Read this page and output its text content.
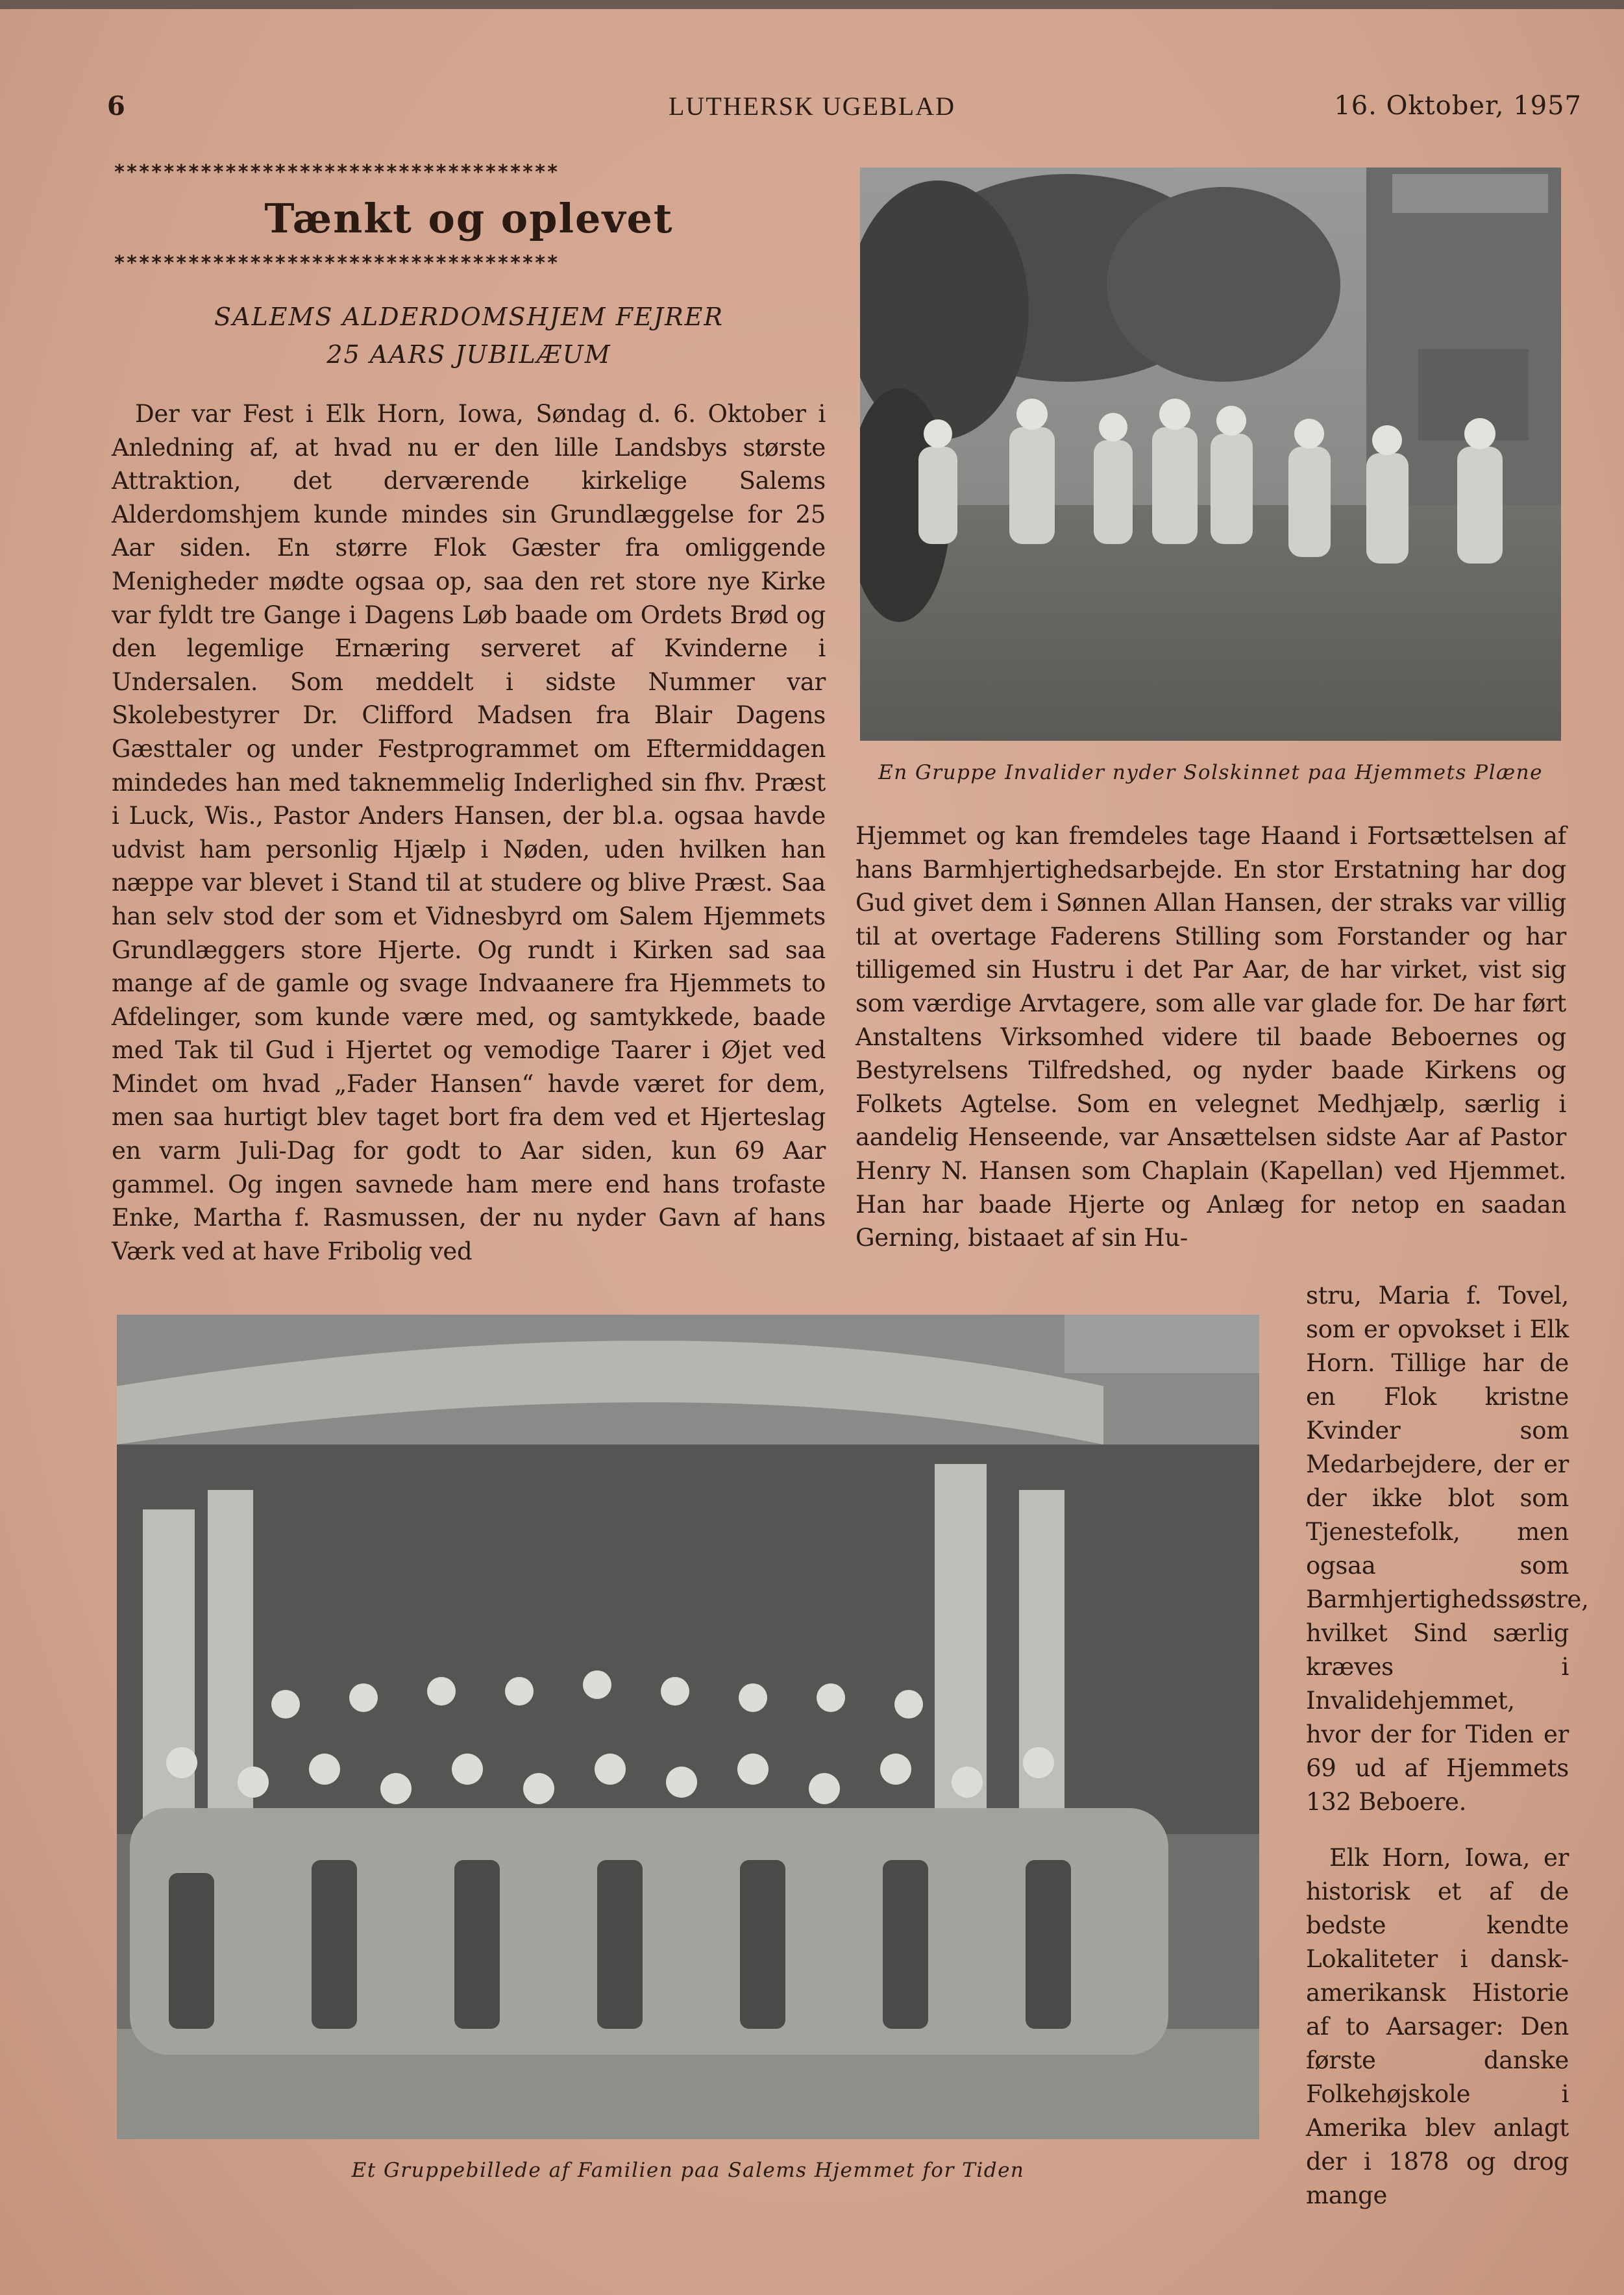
LUTHERSK UGEBLAD
6	16. Oktober, 1957
************************************
Tænkt og oplevet
************************************
SALEMS ALDERDOMSHJEM FEJRER
25 AARS JUBILÆUM

Der var Fest i Elk Horn, Iowa, Søndag d. 6. Oktober i Anledning af, at hvad nu er den lille Landsbys største Attraktion, det derværende kirkelige Salems Alderdomshjem kunde mindes sin Grundlæggelse for 25 Aar siden. En større Flok Gæster fra omliggende Menigheder mødte ogsaa op, saa den ret store nye Kirke var fyldt tre Gange i Dagens Løb baade om Ordets Brød og den legemlige Ernæring serveret af Kvinderne i Undersalen. Som meddelt i sidste Nummer var Skolebestyrer Dr. Clifford Madsen fra Blair Dagens Gæsttaler og under Festprogrammet om Eftermiddagen mindedes han med taknemmelig Inderlighed sin fhv. Præst i Luck, Wis., Pastor Anders Hansen, der bl.a. ogsaa havde udvist ham personlig Hjælp i Nøden, uden hvilken han næppe var blevet i Stand til at studere og blive Præst. Saa han selv stod der som et Vidnesbyrd om Salem Hjemmets Grundlæggers store Hjerte. Og rundt i Kirken sad saa mange af de gamle og svage Indvaanere fra Hjemmets to Afdelinger, som kunde være med, og samtykkede, baade med Tak til Gud i Hjertet og vemodige Taarer i Øjet ved Mindet om hvad „Fader Hansen“ havde været for dem, men saa hurtigt blev taget bort fra dem ved et Hjerteslag en varm Juli-Dag for godt to Aar siden, kun 69 Aar gammel. Og ingen savnede ham mere end hans trofaste Enke, Martha f. Rasmussen, der nu nyder Gavn af hans Værk ved at have Fribolig ved

En Gruppe Invalider nyder Solskinnet paa Hjemmets Plæne

Hjemmet og kan fremdeles tage Haand i Fortsættelsen af hans Barmhjertighedsarbejde. En stor Erstatning har dog Gud givet dem i Sønnen Allan Hansen, der straks var villig til at overtage Faderens Stilling som Forstander og har tilligemed sin Hustru i det Par Aar, de har virket, vist sig som værdige Arvtagere, som alle var glade for. De har ført Anstaltens Virksomhed videre til baade Beboernes og Bestyrelsens Tilfredshed, og nyder baade Kirkens og Folkets Agtelse. Som en velegnet Medhjælp, særlig i aandelig Henseende, var Ansættelsen sidste Aar af Pastor Henry N. Hansen som Chaplain (Kapellan) ved Hjemmet. Han har baade Hjerte og Anlæg for netop en saadan Gerning, bistaaet af sin Hu-

Et Gruppebillede af Familien paa Salems Hjemmet for Tiden

stru, Maria f. Tovel, som er opvokset i Elk Horn. Tillige har de en Flok kristne Kvinder som Medarbejdere, der er der ikke blot som Tjenestefolk, men ogsaa som Barmhjertighedssøstre, hvilket Sind særlig kræves i Invalidehjemmet, hvor der for Tiden er 69 ud af Hjemmets 132 Beboere.

Elk Horn, Iowa, er historisk et af de bedste kendte Lokaliteter i dansk-amerikansk Historie af to Aarsager: Den første danske Folkehøjskole i Amerika blev anlagt der i 1878 og drog mange
